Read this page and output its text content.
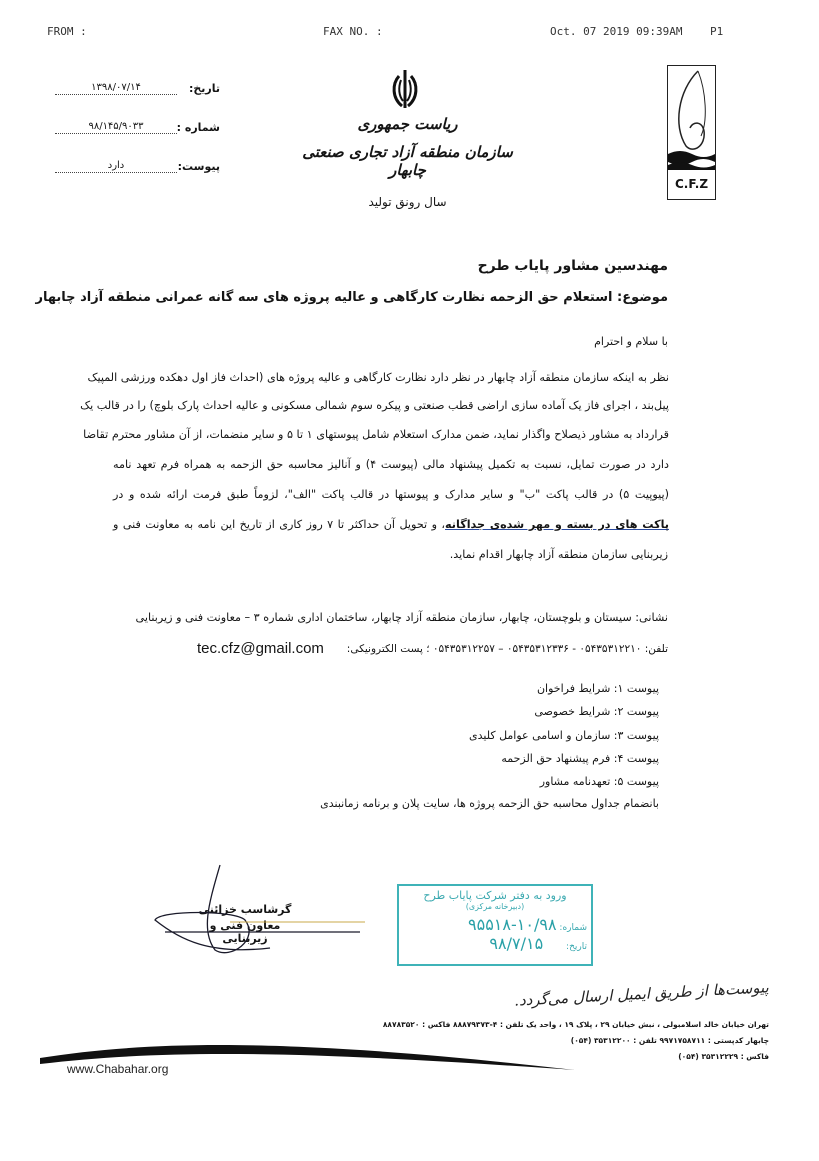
FROM :	FAX NO. :	Oct. 07 2019 09:39AM	P1
C.F.Z
ریاست جمهوری
سازمان منطقه آزاد تجاری صنعتی چابهار
سال رونق تولید
تاریخ:
۱۳۹۸/۰۷/۱۴
شماره :
۹۸/۱۴۵/۹۰۳۳
پیوست:
دارد
مهندسین مشاور پایاب طرح
موضوع: استعلام حق الزحمه نظارت کارگاهی و عالیه پروژه های سه گانه عمرانی منطقه آزاد چابهار
با سلام و احترام
نظر به اینکه سازمان منطقه آزاد چابهار در نظر دارد نظارت کارگاهی و عالیه پروژه های (احداث فاز اول دهکده ورزشی المپیک
پیل‌بند ، اجرای فاز یک آماده سازی اراضی قطب صنعتی و پیکره سوم شمالی مسکونی و عالیه احداث پارک بلوچ) را در قالب یک
قرارداد به مشاور ذیصلاح واگذار نماید، ضمن مدارک استعلام شامل پیوستهای ۱ تا ۵ و سایر منضمات، از آن مشاور محترم تقاضا
دارد در صورت تمایل، نسبت به تکمیل پیشنهاد مالی (پیوست ۴) و آنالیز محاسبه حق الزحمه به همراه فرم تعهد نامه
(پیوپیت ۵) در قالب پاکت "ب" و سایر مدارک و پیوستها در قالب پاکت "الف"، لزوماً طبق فرمت ارائه شده و در
پاکت های در بسته و مهر شده‌ی جداگانه، و تحویل آن حداکثر تا ۷ روز کاری از تاریخ این نامه به معاونت فنی و
زیربنایی سازمان منطقه آزاد چابهار اقدام نماید.
نشانی: سیستان و بلوچستان، چابهار، سازمان منطقه آزاد چابهار، ساختمان اداری شماره ۳ – معاونت فنی و زیربنایی
تلفن: ۰۵۴۳۵۳۱۲۲۱۰ - ۰۵۴۳۵۳۱۲۳۳۶ – ۰۵۴۳۵۳۱۲۲۵۷ ؛ پست الکترونیکی:
tec.cfz@gmail.com
پیوست ۱: شرایط فراخوان
پیوست ۲: شرایط خصوصی
پیوست ۳: سازمان و اسامی عوامل کلیدی
پیوست ۴: فرم پیشنهاد حق الزحمه
پیوست ۵: تعهدنامه مشاور
بانضمام جداول محاسبه حق الزحمه پروژه ها، سایت پلان و برنامه زمانبندی
گرشاسب خزائنی
معاون فنی و زیربنایی
ورود به دفتر شرکت پایاب طرح
(دبیرخانه مرکزی)
شماره: ۱۰/۹۸-۹۵۵۱۸
تاریخ: ۹۸/۷/۱۵
پیوست‌ها از طریق ایمیل ارسال می‌گردد.
تهران خیابان خالد اسلامبولی ، نبش خیابان ۲۹ ، پلاک ۱۹ ، واحد یک تلفن : ۴-۸۸۸۷۹۳۷۳ فاکس : ۸۸۷۸۳۵۲۰
چابهار کدپستی : ۹۹۷۱۷۵۸۷۱۱ تلفن : ۳۵۳۱۲۲۰۰ (۰۵۴)
فاکس : ۳۵۳۱۲۲۲۹ (۰۵۴)
www.Chabahar.org
